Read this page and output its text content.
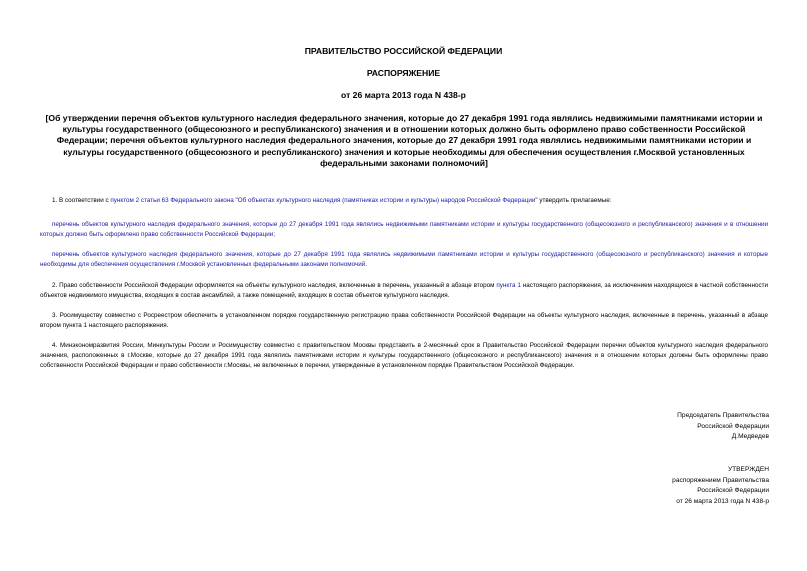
ПРАВИТЕЛЬСТВО РОССИЙСКОЙ ФЕДЕРАЦИИ
РАСПОРЯЖЕНИЕ
от 26 марта 2013 года N 438-р
[Об утверждении перечня объектов культурного наследия федерального значения, которые до 27 декабря 1991 года являлись недвижимыми памятниками истории и культуры государственного (общесоюзного и республиканского) значения и в отношении которых должно быть оформлено право собственности Российской Федерации; перечня объектов культурного наследия федерального значения, которые до 27 декабря 1991 года являлись недвижимыми памятниками истории и культуры государственного (общесоюзного и республиканского) значения и которые необходимы для обеспечения осуществления г.Москвой установленных федеральными законами полномочий]
1. В соответствии с пунктом 2 статьи 63 Федерального закона "Об объектах культурного наследия (памятниках истории и культуры) народов Российской Федерации" утвердить прилагаемые:
перечень объектов культурного наследия федерального значения, которые до 27 декабря 1991 года являлись недвижимыми памятниками истории и культуры государственного (общесоюзного и республиканского) значения и в отношении которых должно быть оформлено право собственности Российской Федерации;
перечень объектов культурного наследия федерального значения, которые до 27 декабря 1991 года являлись недвижимыми памятниками истории и культуры государственного (общесоюзного и республиканского) значения и которые необходимы для обеспечения осуществления г.Москвой установленных федеральными законами полномочий.
2. Право собственности Российской Федерации оформляется на объекты культурного наследия, включенные в перечень, указанный в абзаце втором пункта 1 настоящего распоряжения, за исключением находящихся в частной собственности объектов недвижимого имущества, входящих в состав ансамблей, а также помещений, входящих в состав объектов культурного наследия.
3. Росимуществу совместно с Росреестром обеспечить в установленном порядке государственную регистрацию права собственности Российской Федерации на объекты культурного наследия, включенные в перечень, указанный в абзаце втором пункта 1 настоящего распоряжения.
4. Минэкономразвития России, Минкультуры России и Росимуществу совместно с правительством Москвы представить в 2-месячный срок в Правительство Российской Федерации перечни объектов культурного наследия федерального значения, расположенных в г.Москве, которые до 27 декабря 1991 года являлись памятниками истории и культуры государственного (общесоюзного и республиканского) значения и в отношении которых должны быть оформлены право собственности Российской Федерации и право собственности г.Москвы, не включенных в перечни, утвержденные в установленном порядке Правительством Российской Федерации.
Председатель Правительства
Российской Федерации
Д.Медведев
УТВЕРЖДЕН
распоряжением Правительства
Российской Федерации
от 26 марта 2013 года N 438-р
